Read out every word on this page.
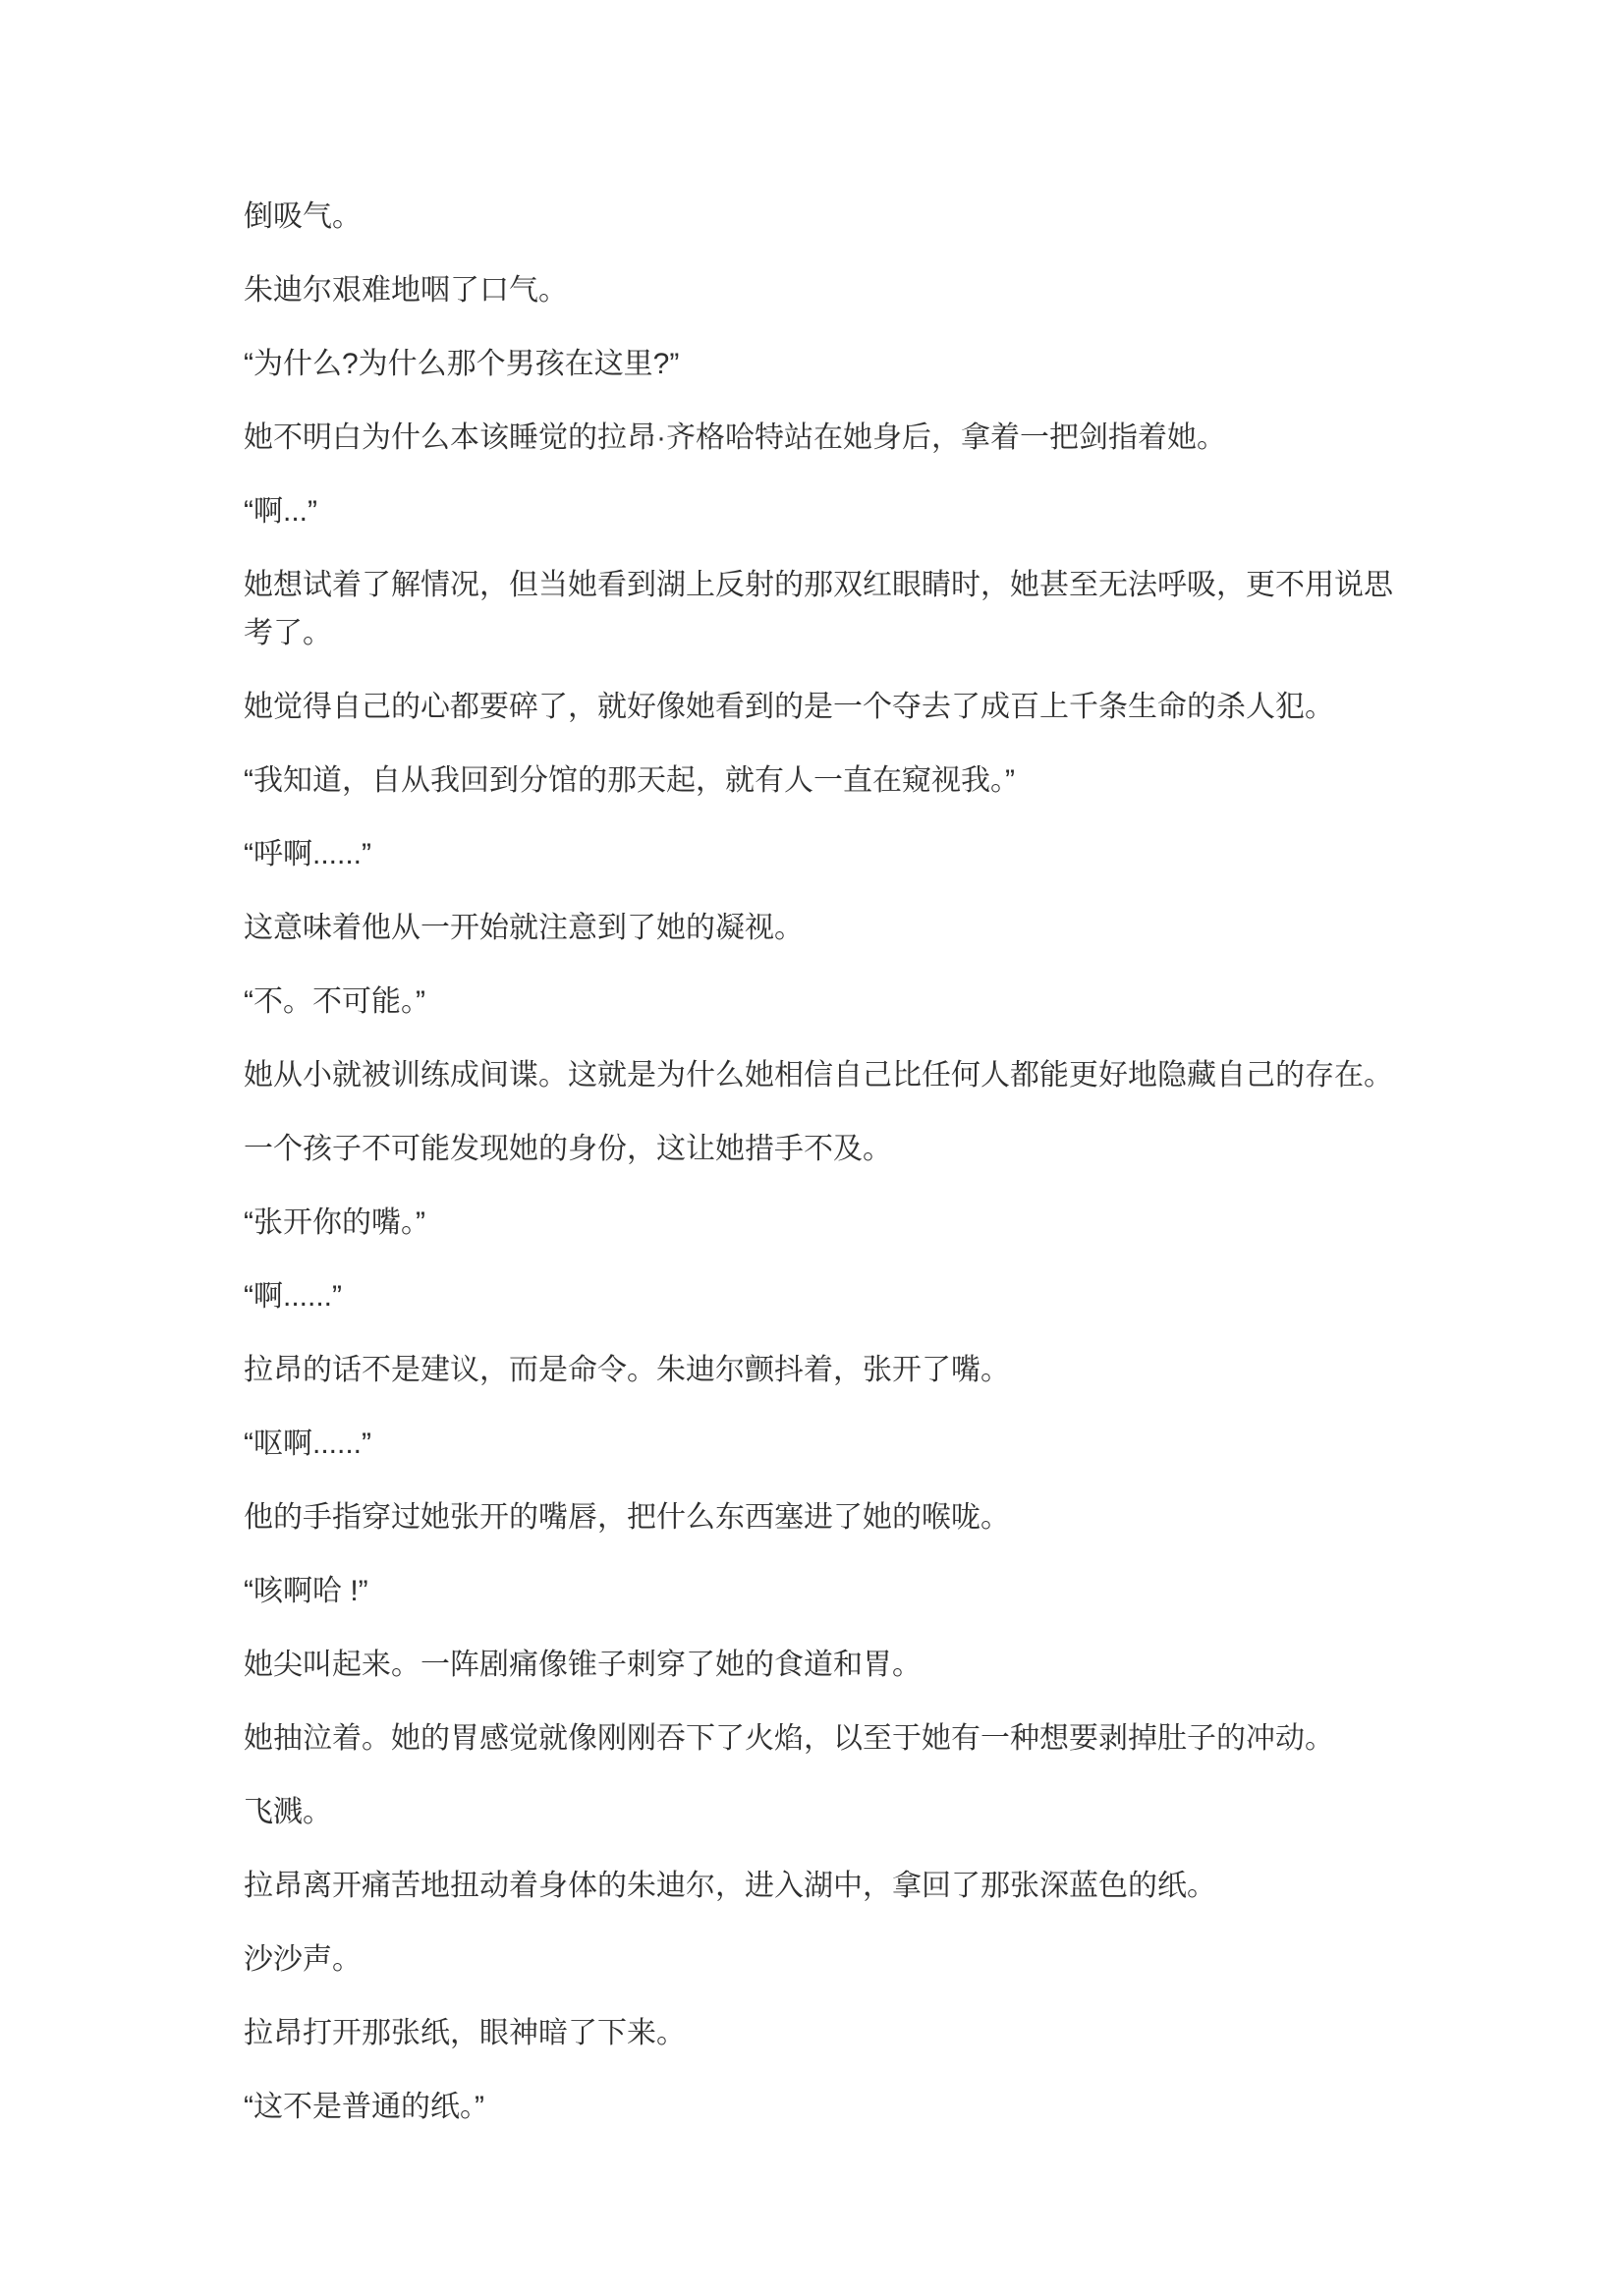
倒吸气。

朱迪尔艰难地咽了口气。

“为什么?为什么那个男孩在这里?”

她不明白为什么本该睡觉的拉昂·齐格哈特站在她身后，拿着一把剑指着她。

“啊...”

她想试着了解情况，但当她看到湖上反射的那双红眼睛时，她甚至无法呼吸，更不用说思考了。

她觉得自己的心都要碎了，就好像她看到的是一个夺去了成百上千条生命的杀人犯。

“我知道，自从我回到分馆的那天起，就有人一直在窥视我。”

“呼啊......”

这意味着他从一开始就注意到了她的凝视。

“不。不可能。”

她从小就被训练成间谍。这就是为什么她相信自己比任何人都能更好地隐藏自己的存在。

一个孩子不可能发现她的身份，这让她措手不及。

“张开你的嘴。”

“啊......”

拉昂的话不是建议，而是命令。朱迪尔颤抖着，张开了嘴。

“呕啊......”

他的手指穿过她张开的嘴唇，把什么东西塞进了她的喉咙。

“咳啊哈 !”

她尖叫起来。一阵剧痛像锥子刺穿了她的食道和胃。

她抽泣着。她的胃感觉就像刚刚吞下了火焰，以至于她有一种想要剥掉肚子的冲动。

飞溅。

拉昂离开痛苦地扭动着身体的朱迪尔，进入湖中，拿回了那张深蓝色的纸。

沙沙声。

拉昂打开那张纸，眼神暗了下来。

“这不是普通的纸。”
